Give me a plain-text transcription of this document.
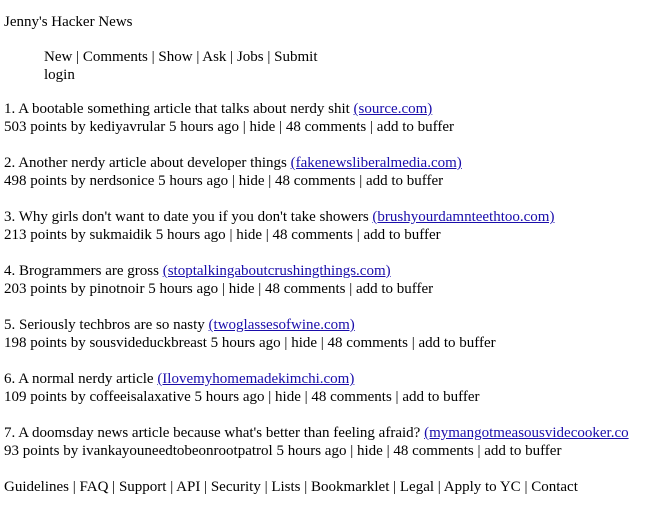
Jenny's Hacker News
New | Comments | Show | Ask | Jobs | Submit
login
1. A bootable something article that talks about nerdy shit (source.com)
503 points by kediyavrular 5 hours ago | hide | 48 comments | add to buffer
2. Another nerdy article about developer things (fakenewsliberalmedia.com)
498 points by nerdsonice 5 hours ago | hide | 48 comments | add to buffer
3. Why girls don't want to date you if you don't take showers (brushyourdamnteethtoo.com)
213 points by sukmaidik 5 hours ago | hide | 48 comments | add to buffer
4. Brogrammers are gross (stoptalkingaboutcrushingthings.com)
203 points by pinotnoir 5 hours ago | hide | 48 comments | add to buffer
5. Seriously techbros are so nasty (twoglassesofwine.com)
198 points by sousvideduckbreast 5 hours ago | hide | 48 comments | add to buffer
6. A normal nerdy article (Ilovemyhomemadekimchi.com)
109 points by coffeeisalaxative 5 hours ago | hide | 48 comments | add to buffer
7. A doomsday news article because what's better than feeling afraid? (mymangotmeasousvidecooker.co
93 points by ivankayouneedtobeonrootpatrol 5 hours ago | hide | 48 comments | add to buffer
Guidelines | FAQ | Support | API | Security | Lists | Bookmarklet | Legal | Apply to YC | Contact
